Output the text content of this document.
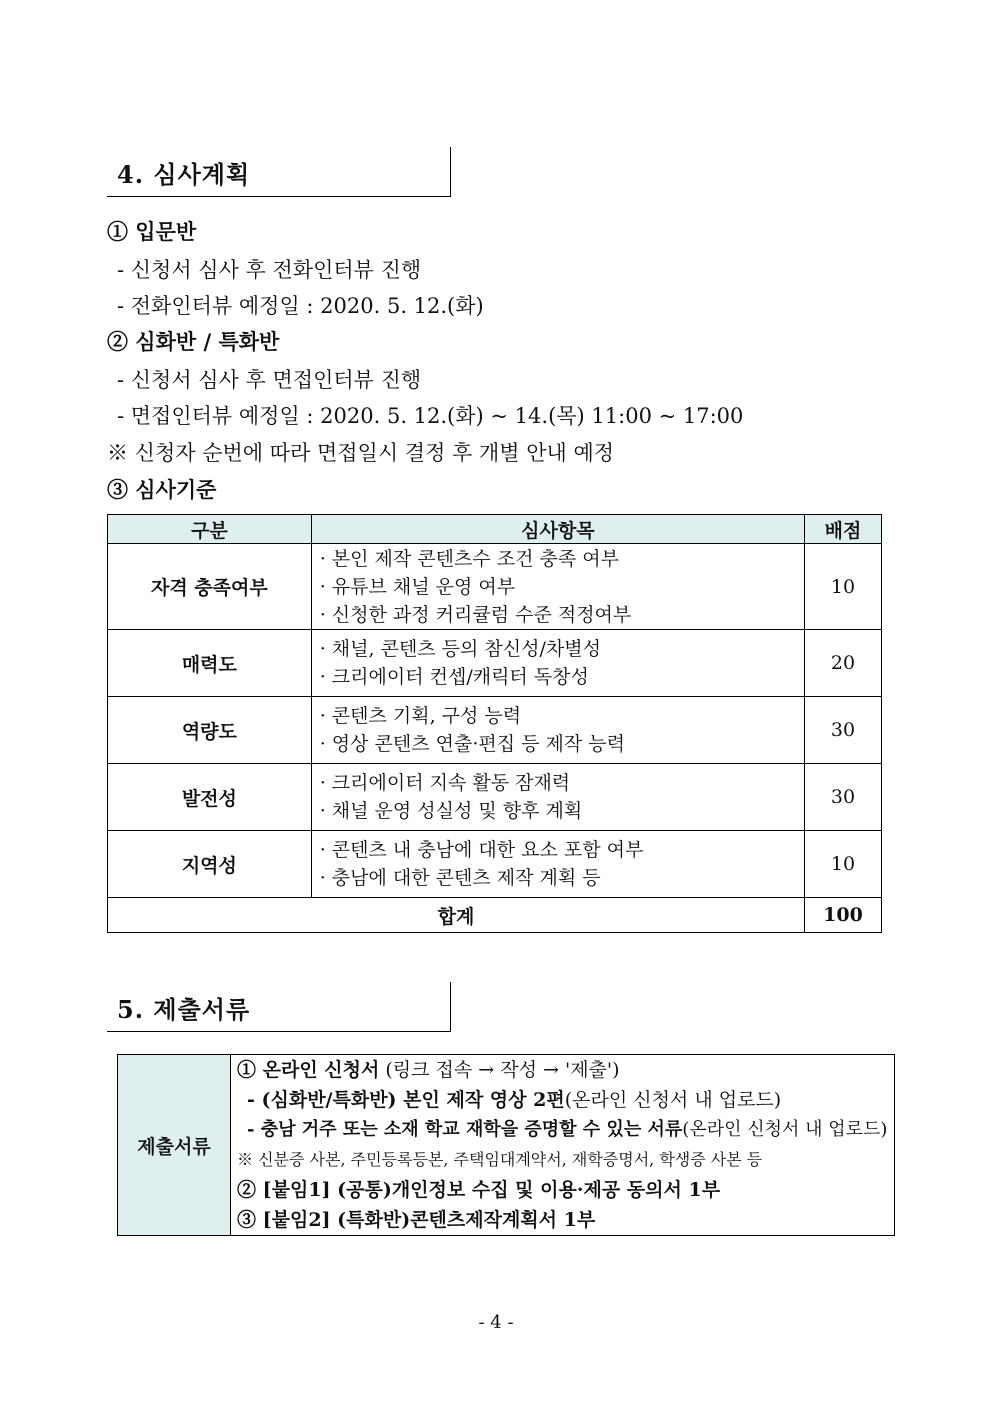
4. 심사계획
① 입문반
- 신청서 심사 후 전화인터뷰 진행
- 전화인터뷰 예정일 : 2020. 5. 12.(화)
② 심화반 / 특화반
- 신청서 심사 후 면접인터뷰 진행
- 면접인터뷰 예정일 : 2020. 5. 12.(화) ~ 14.(목) 11:00 ~ 17:00
※ 신청자 순번에 따라 면접일시 결정 후 개별 안내 예정
③ 심사기준
구분	심사항목	배점
자격 충족여부	· 본인 제작 콘텐츠수 조건 충족 여부
· 유튜브 채널 운영 여부
· 신청한 과정 커리큘럼 수준 적정여부	10
매력도	· 채널, 콘텐츠 등의 참신성/차별성
· 크리에이터 컨셉/캐릭터 독창성	20
역량도	· 콘텐츠 기획, 구성 능력
· 영상 콘텐츠 연출·편집 등 제작 능력	30
발전성	· 크리에이터 지속 활동 잠재력
· 채널 운영 성실성 및 향후 계획	30
지역성	· 콘텐츠 내 충남에 대한 요소 포함 여부
· 충남에 대한 콘텐츠 제작 계획 등	10
합계		100
5. 제출서류
제출서류	
① 온라인 신청서 (링크 접속 → 작성 → '제출')
- (심화반/특화반) 본인 제작 영상 2편(온라인 신청서 내 업로드)
- 충남 거주 또는 소재 학교 재학을 증명할 수 있는 서류(온라인 신청서 내 업로드)
※ 신분증 사본, 주민등록등본, 주택임대계약서, 재학증명서, 학생증 사본 등
② [붙임1] (공통)개인정보 수집 및 이용·제공 동의서 1부
③ [붙임2] (특화반)콘텐츠제작계획서 1부
- 4 -
